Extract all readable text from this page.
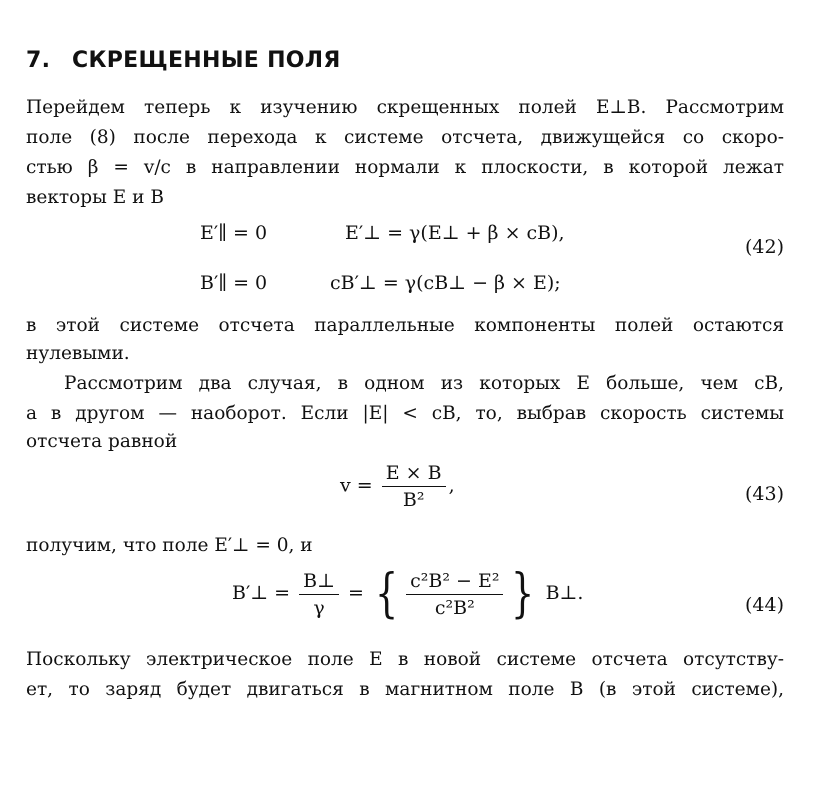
7. СКРЕЩЕННЫЕ ПОЛЯ
Перейдем теперь к изучению скрещенных полей E⊥B. Рассмотрим
поле (8) после перехода к системе отсчета, движущейся со скоро-
стью β = v/c в направлении нормали к плоскости, в которой лежат
векторы E и B
E′∥ = 0	E′⊥ = γ(E⊥ + β × cB),
B′∥ = 0	cB′⊥ = γ(cB⊥ − β × E);
(42)
в этой системе отсчета параллельные компоненты полей остаются
нулевыми.
Рассмотрим два случая, в одном из которых E больше, чем cB,
а в другом — наоборот. Если |E| < cB, то, выбрав скорость системы
отсчета равной
$v = \frac{E \times B}{\text{B²}}$ ,	(43)
получим, что поле E′⊥ = 0, и
B′⊥ = $\frac{B\perp}{\gamma}$ = { $\frac{\text{c²B² − E²}}{\text{c²B²}}$ } B⊥.
(44)
Поскольку электрическое поле E в новой системе отсчета отсутству-
ет, то заряд будет двигаться в магнитном поле B (в этой системе),
